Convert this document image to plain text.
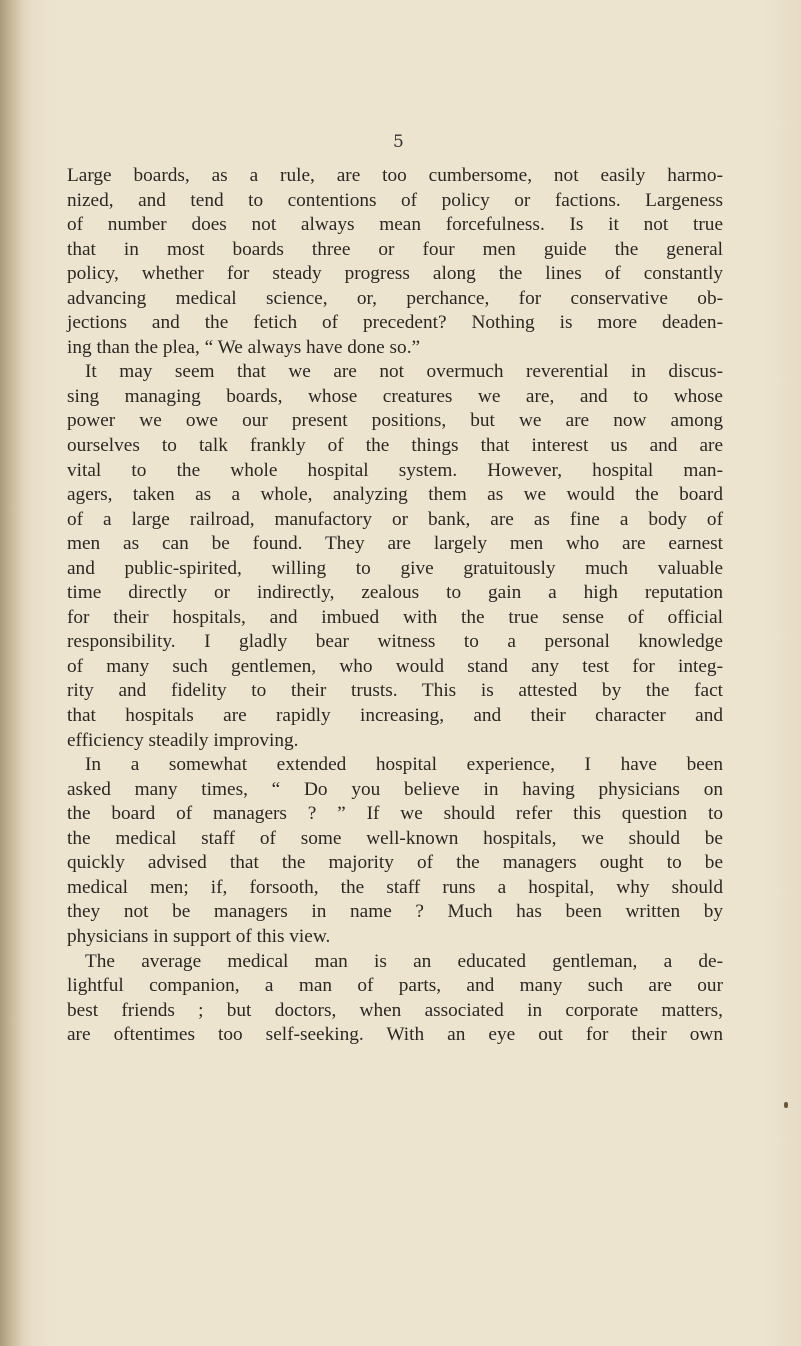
5
Large boards, as a rule, are too cumbersome, not easily harmo-
nized, and tend to contentions of policy or factions. Largeness
of number does not always mean forcefulness. Is it not true
that in most boards three or four men guide the general
policy, whether for steady progress along the lines of constantly
advancing medical science, or, perchance, for conservative ob-
jections and the fetich of precedent? Nothing is more deaden-
ing than the plea, “ We always have done so.”
It may seem that we are not overmuch reverential in discus-
sing managing boards, whose creatures we are, and to whose
power we owe our present positions, but we are now among
ourselves to talk frankly of the things that interest us and are
vital to the whole hospital system. However, hospital man-
agers, taken as a whole, analyzing them as we would the board
of a large railroad, manufactory or bank, are as fine a body of
men as can be found. They are largely men who are earnest
and public-spirited, willing to give gratuitously much valuable
time directly or indirectly, zealous to gain a high reputation
for their hospitals, and imbued with the true sense of official
responsibility. I gladly bear witness to a personal knowledge
of many such gentlemen, who would stand any test for integ-
rity and fidelity to their trusts. This is attested by the fact
that hospitals are rapidly increasing, and their character and
efficiency steadily improving.
In a somewhat extended hospital experience, I have been
asked many times, “ Do you believe in having physicians on
the board of managers ? ” If we should refer this question to
the medical staff of some well-known hospitals, we should be
quickly advised that the majority of the managers ought to be
medical men; if, forsooth, the staff runs a hospital, why should
they not be managers in name ? Much has been written by
physicians in support of this view.
The average medical man is an educated gentleman, a de-
lightful companion, a man of parts, and many such are our
best friends ; but doctors, when associated in corporate matters,
are oftentimes too self-seeking. With an eye out for their own
